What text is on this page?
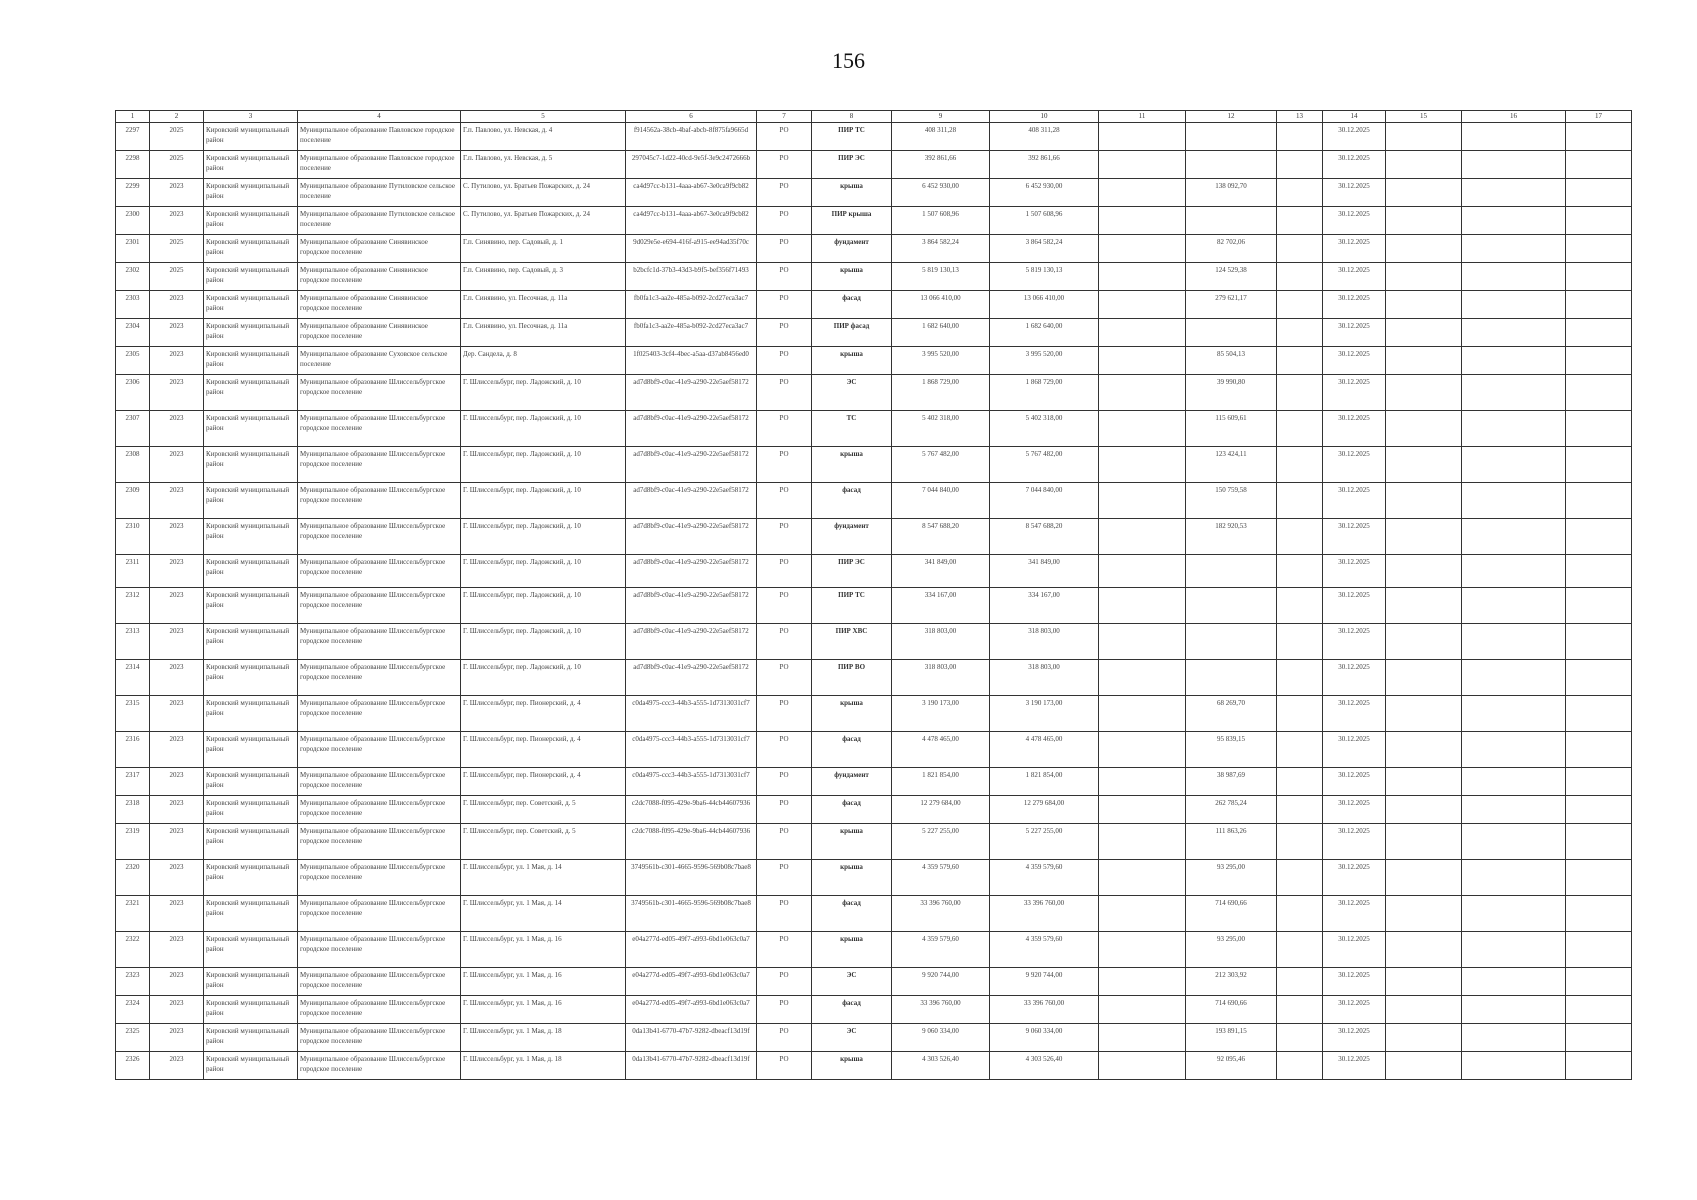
156
1	2	3	4	5	6	7	8	9	10	11	12	13	14	15	16	17
2297	2025	Кировский муниципальный район	Муниципальное образование Павловское городское поселение	Г.п. Павлово, ул. Невская, д. 4	f914562a-38cb-4baf-abcb-8f875fa9665d	РО	ПИР ТС	408 311,28	408 311,28				30.12.2025			
2298	2025	Кировский муниципальный район	Муниципальное образование Павловское городское поселение	Г.п. Павлово, ул. Невская, д. 5	297045c7-1d22-40cd-9e5f-3e9c2472666b	РО	ПИР ЭС	392 861,66	392 861,66				30.12.2025			
2299	2023	Кировский муниципальный район	Муниципальное образование Путиловское сельское поселение	С. Путилово, ул. Братьев Пожарских, д. 24	ca4d97cc-b131-4aaa-ab67-3e0ca9f9cb82	РО	крыша	6 452 930,00	6 452 930,00		138 092,70		30.12.2025			
2300	2023	Кировский муниципальный район	Муниципальное образование Путиловское сельское поселение	С. Путилово, ул. Братьев Пожарских, д. 24	ca4d97cc-b131-4aaa-ab67-3e0ca9f9cb82	РО	ПИР крыша	1 507 608,96	1 507 608,96				30.12.2025			
2301	2025	Кировский муниципальный район	Муниципальное образование Синявинское городское поселение	Г.п. Синявино, пер. Садовый, д. 1	9d029e5e-e694-416f-a915-ee94ad35f70c	РО	фундамент	3 864 582,24	3 864 582,24		82 702,06		30.12.2025			
2302	2025	Кировский муниципальный район	Муниципальное образование Синявинское городское поселение	Г.п. Синявино, пер. Садовый, д. 3	b2bcfc1d-37b3-43d3-b9f5-bef356f71493	РО	крыша	5 819 130,13	5 819 130,13		124 529,38		30.12.2025			
2303	2023	Кировский муниципальный район	Муниципальное образование Синявинское городское поселение	Г.п. Синявино, ул. Песочная, д. 11а	fb0fa1c3-aa2e-485a-b092-2cd27eca3ac7	РО	фасад	13 066 410,00	13 066 410,00		279 621,17		30.12.2025			
2304	2023	Кировский муниципальный район	Муниципальное образование Синявинское городское поселение	Г.п. Синявино, ул. Песочная, д. 11а	fb0fa1c3-aa2e-485a-b092-2cd27eca3ac7	РО	ПИР фасад	1 682 640,00	1 682 640,00				30.12.2025			
2305	2023	Кировский муниципальный район	Муниципальное образование Суховское сельское поселение	Дер. Сандела, д. 8	1f025403-3cf4-4bec-a5aa-d37ab8456ed0	РО	крыша	3 995 520,00	3 995 520,00		85 504,13		30.12.2025			
2306	2023	Кировский муниципальный район	Муниципальное образование Шлиссельбургское городское поселение	Г. Шлиссельбург, пер. Ладожский, д. 10	ad7d8bf9-c0ac-41e9-a290-22e5aef58172	РО	ЭС	1 868 729,00	1 868 729,00		39 990,80		30.12.2025			
2307	2023	Кировский муниципальный район	Муниципальное образование Шлиссельбургское городское поселение	Г. Шлиссельбург, пер. Ладожский, д. 10	ad7d8bf9-c0ac-41e9-a290-22e5aef58172	РО	ТС	5 402 318,00	5 402 318,00		115 609,61		30.12.2025			
2308	2023	Кировский муниципальный район	Муниципальное образование Шлиссельбургское городское поселение	Г. Шлиссельбург, пер. Ладожский, д. 10	ad7d8bf9-c0ac-41e9-a290-22e5aef58172	РО	крыша	5 767 482,00	5 767 482,00		123 424,11		30.12.2025			
2309	2023	Кировский муниципальный район	Муниципальное образование Шлиссельбургское городское поселение	Г. Шлиссельбург, пер. Ладожский, д. 10	ad7d8bf9-c0ac-41e9-a290-22e5aef58172	РО	фасад	7 044 840,00	7 044 840,00		150 759,58		30.12.2025			
2310	2023	Кировский муниципальный район	Муниципальное образование Шлиссельбургское городское поселение	Г. Шлиссельбург, пер. Ладожский, д. 10	ad7d8bf9-c0ac-41e9-a290-22e5aef58172	РО	фундамент	8 547 688,20	8 547 688,20		182 920,53		30.12.2025			
2311	2023	Кировский муниципальный район	Муниципальное образование Шлиссельбургское городское поселение	Г. Шлиссельбург, пер. Ладожский, д. 10	ad7d8bf9-c0ac-41e9-a290-22e5aef58172	РО	ПИР ЭС	341 849,00	341 849,00				30.12.2025			
2312	2023	Кировский муниципальный район	Муниципальное образование Шлиссельбургское городское поселение	Г. Шлиссельбург, пер. Ладожский, д. 10	ad7d8bf9-c0ac-41e9-a290-22e5aef58172	РО	ПИР ТС	334 167,00	334 167,00				30.12.2025			
2313	2023	Кировский муниципальный район	Муниципальное образование Шлиссельбургское городское поселение	Г. Шлиссельбург, пер. Ладожский, д. 10	ad7d8bf9-c0ac-41e9-a290-22e5aef58172	РО	ПИР ХВС	318 803,00	318 803,00				30.12.2025			
2314	2023	Кировский муниципальный район	Муниципальное образование Шлиссельбургское городское поселение	Г. Шлиссельбург, пер. Ладожский, д. 10	ad7d8bf9-c0ac-41e9-a290-22e5aef58172	РО	ПИР ВО	318 803,00	318 803,00				30.12.2025			
2315	2023	Кировский муниципальный район	Муниципальное образование Шлиссельбургское городское поселение	Г. Шлиссельбург, пер. Пионерский, д. 4	c0da4975-ccc3-44b3-a555-1d7313031cf7	РО	крыша	3 190 173,00	3 190 173,00		68 269,70		30.12.2025			
2316	2023	Кировский муниципальный район	Муниципальное образование Шлиссельбургское городское поселение	Г. Шлиссельбург, пер. Пионерский, д. 4	c0da4975-ccc3-44b3-a555-1d7313031cf7	РО	фасад	4 478 465,00	4 478 465,00		95 839,15		30.12.2025			
2317	2023	Кировский муниципальный район	Муниципальное образование Шлиссельбургское городское поселение	Г. Шлиссельбург, пер. Пионерский, д. 4	c0da4975-ccc3-44b3-a555-1d7313031cf7	РО	фундамент	1 821 854,00	1 821 854,00		38 987,69		30.12.2025			
2318	2023	Кировский муниципальный район	Муниципальное образование Шлиссельбургское городское поселение	Г. Шлиссельбург, пер. Советский, д. 5	c2dc7088-f095-429e-9ba6-44cb44607936	РО	фасад	12 279 684,00	12 279 684,00		262 785,24		30.12.2025			
2319	2023	Кировский муниципальный район	Муниципальное образование Шлиссельбургское городское поселение	Г. Шлиссельбург, пер. Советский, д. 5	c2dc7088-f095-429e-9ba6-44cb44607936	РО	крыша	5 227 255,00	5 227 255,00		111 863,26		30.12.2025			
2320	2023	Кировский муниципальный район	Муниципальное образование Шлиссельбургское городское поселение	Г. Шлиссельбург, ул. 1 Мая, д. 14	3749561b-c301-4665-9596-569b08c7bae8	РО	крыша	4 359 579,60	4 359 579,60		93 295,00		30.12.2025			
2321	2023	Кировский муниципальный район	Муниципальное образование Шлиссельбургское городское поселение	Г. Шлиссельбург, ул. 1 Мая, д. 14	3749561b-c301-4665-9596-569b08c7bae8	РО	фасад	33 396 760,00	33 396 760,00		714 690,66		30.12.2025			
2322	2023	Кировский муниципальный район	Муниципальное образование Шлиссельбургское городское поселение	Г. Шлиссельбург, ул. 1 Мая, д. 16	e04a277d-ed05-49f7-a993-6bd1e063c0a7	РО	крыша	4 359 579,60	4 359 579,60		93 295,00		30.12.2025			
2323	2023	Кировский муниципальный район	Муниципальное образование Шлиссельбургское городское поселение	Г. Шлиссельбург, ул. 1 Мая, д. 16	e04a277d-ed05-49f7-a993-6bd1e063c0a7	РО	ЭС	9 920 744,00	9 920 744,00		212 303,92		30.12.2025			
2324	2023	Кировский муниципальный район	Муниципальное образование Шлиссельбургское городское поселение	Г. Шлиссельбург, ул. 1 Мая, д. 16	e04a277d-ed05-49f7-a993-6bd1e063c0a7	РО	фасад	33 396 760,00	33 396 760,00		714 690,66		30.12.2025			
2325	2023	Кировский муниципальный район	Муниципальное образование Шлиссельбургское городское поселение	Г. Шлиссельбург, ул. 1 Мая, д. 18	0da13b41-6770-47b7-9282-dbeacf13d19f	РО	ЭС	9 060 334,00	9 060 334,00		193 891,15		30.12.2025			
2326	2023	Кировский муниципальный район	Муниципальное образование Шлиссельбургское городское поселение	Г. Шлиссельбург, ул. 1 Мая, д. 18	0da13b41-6770-47b7-9282-dbeacf13d19f	РО	крыша	4 303 526,40	4 303 526,40		92 095,46		30.12.2025			
